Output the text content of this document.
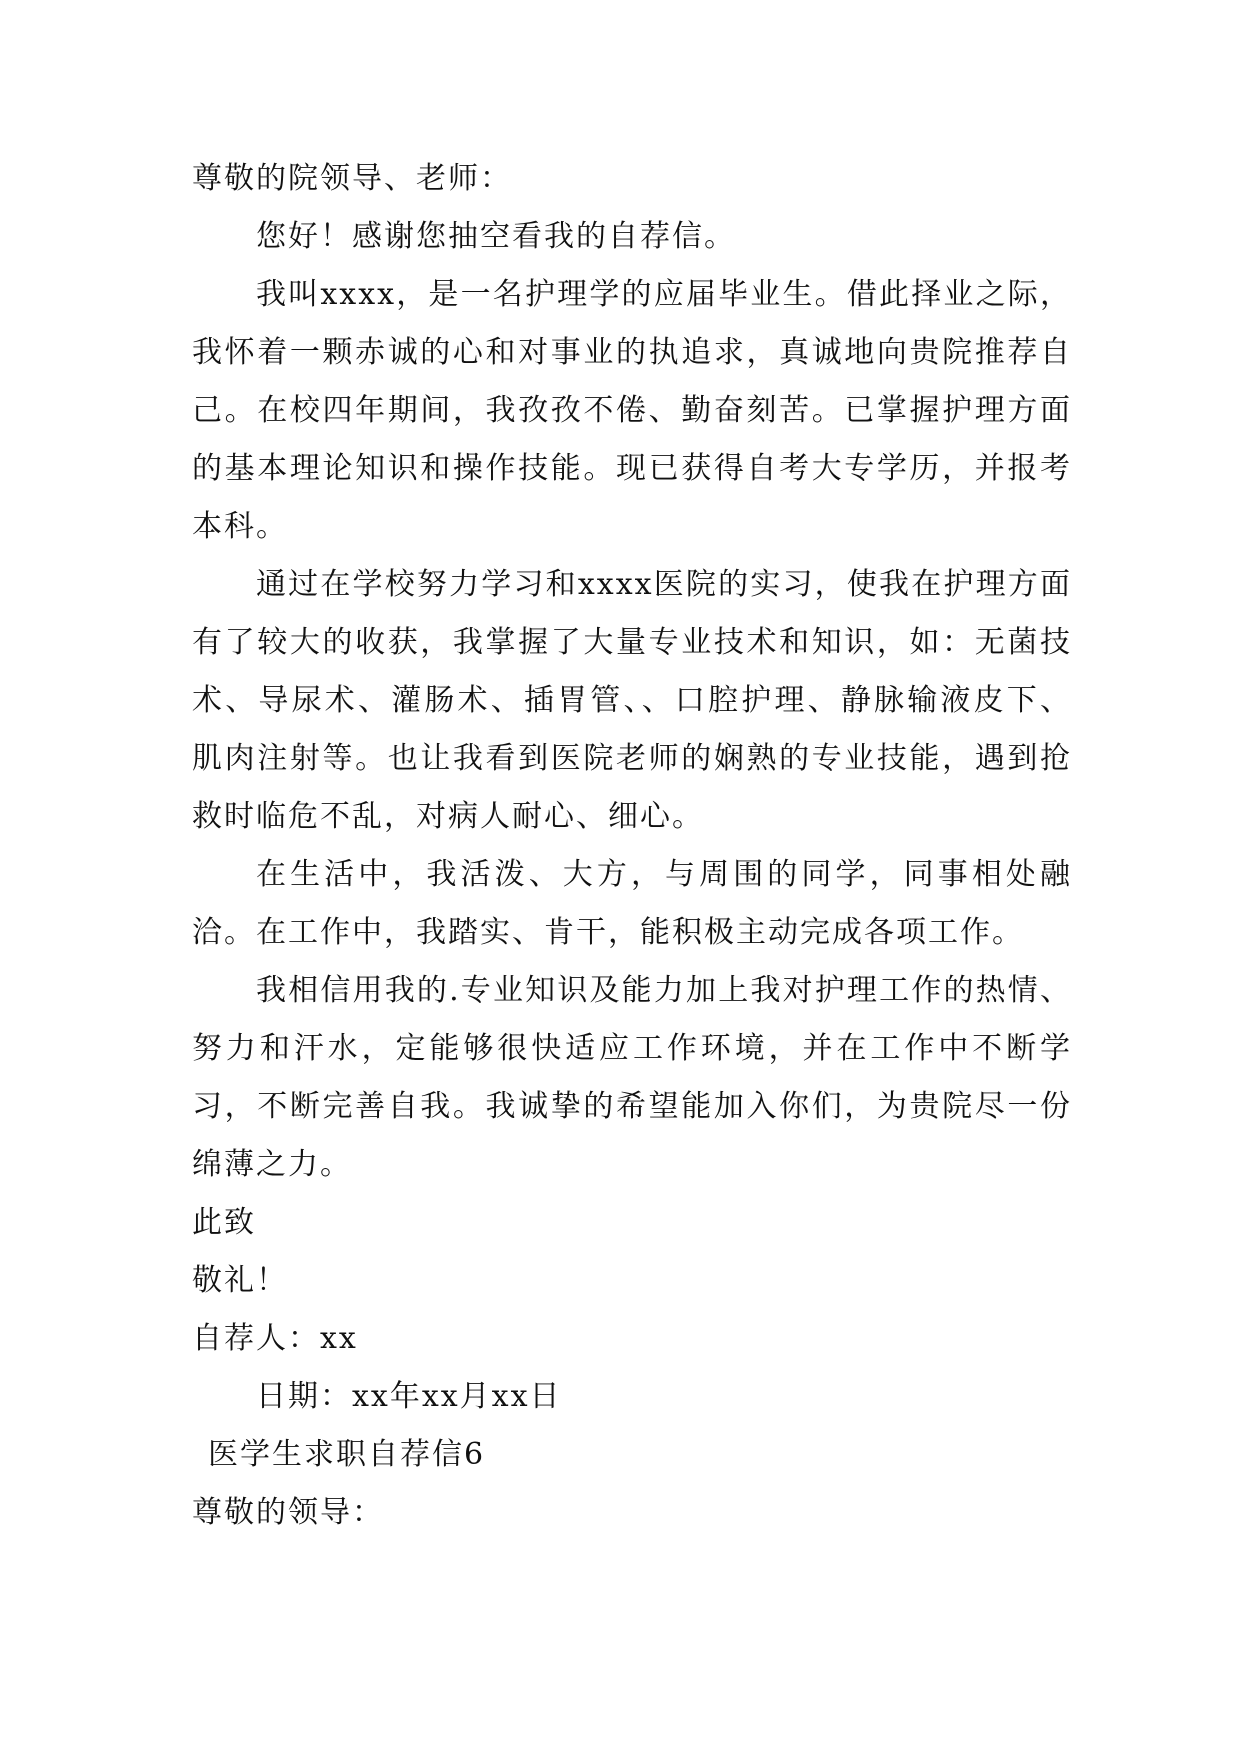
尊敬的院领导、老师：
您好！感谢您抽空看我的自荐信。
我叫xxxx，是一名护理学的应届毕业生。借此择业之际，我怀着一颗赤诚的心和对事业的执追求，真诚地向贵院推荐自己。在校四年期间，我孜孜不倦、勤奋刻苦。已掌握护理方面的基本理论知识和操作技能。现已获得自考大专学历，并报考本科。
通过在学校努力学习和xxxx医院的实习，使我在护理方面有了较大的收获，我掌握了大量专业技术和知识，如：无菌技术、导尿术、灌肠术、插胃管、、口腔护理、静脉输液皮下、肌肉注射等。也让我看到医院老师的娴熟的专业技能，遇到抢救时临危不乱，对病人耐心、细心。
在生活中，我活泼、大方，与周围的同学，同事相处融洽。在工作中，我踏实、肯干，能积极主动完成各项工作。
我相信用我的.专业知识及能力加上我对护理工作的热情、努力和汗水，定能够很快适应工作环境，并在工作中不断学习，不断完善自我。我诚挚的希望能加入你们，为贵院尽一份绵薄之力。
此致
敬礼！
自荐人：xx
日期：xx年xx月xx日
医学生求职自荐信6
尊敬的领导：
